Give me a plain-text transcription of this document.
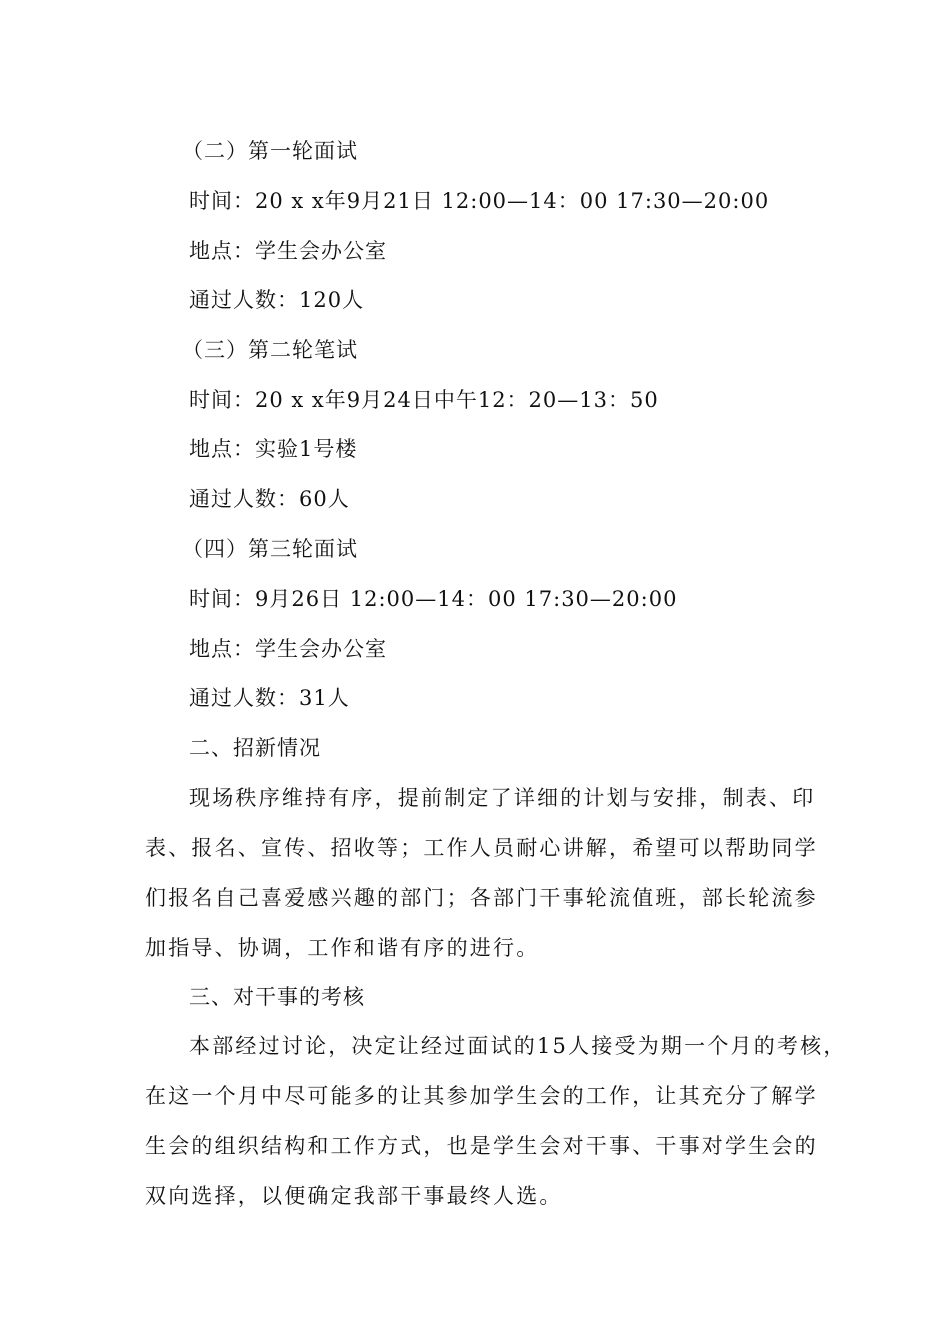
（二）第一轮面试
时间：20 x x年9月21日 12:00—14：00 17:30—20:00
地点：学生会办公室
通过人数：120人
（三）第二轮笔试
时间：20 x x年9月24日中午12：20—13：50
地点：实验1号楼
通过人数：60人
（四）第三轮面试
时间：9月26日 12:00—14：00 17:30—20:00
地点：学生会办公室
通过人数：31人
二、招新情况
现场秩序维持有序，提前制定了详细的计划与安排，制表、印
表、报名、宣传、招收等；工作人员耐心讲解，希望可以帮助同学
们报名自己喜爱感兴趣的部门；各部门干事轮流值班，部长轮流参
加指导、协调，工作和谐有序的进行。
三、对干事的考核
本部经过讨论，决定让经过面试的15人接受为期一个月的考核，
在这一个月中尽可能多的让其参加学生会的工作，让其充分了解学
生会的组织结构和工作方式，也是学生会对干事、干事对学生会的
双向选择，以便确定我部干事最终人选。
